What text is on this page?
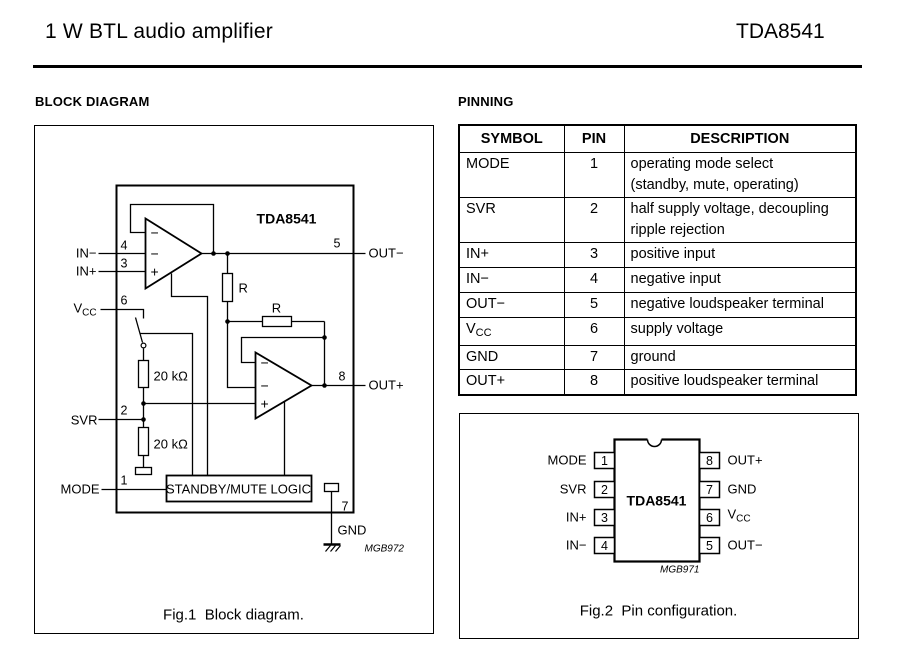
1 W BTL audio amplifier	TDA8541
BLOCK DIAGRAM	PINNING
SYMBOL	PIN	DESCRIPTION
MODE	1	operating mode select
(standby, mute, operating)
SVR	2	half supply voltage, decoupling
ripple rejection
IN+	3	positive input
IN−	4	negative input
OUT−	5	negative loudspeaker terminal
$V_{CC}$	6	supply voltage
GND	7	ground
OUT+	8	positive loudspeaker terminal
STANDBY/MUTE LOGIC
TDA8541
−
−
+
−
−
+
R
R
20 kΩ
20 kΩ
4
3
6
2
1
5
8
7
IN−
IN+
$V_{CC}$
SVR
MODE
OUT−
OUT+
GND
MGB972
Fig.1  Block diagram.
1
2
3
4
8
7
6
5
MODE
SVR
IN+
IN−
OUT+
GND
$V_{CC}$
OUT−
TDA8541
MGB971
Fig.2  Pin configuration.
